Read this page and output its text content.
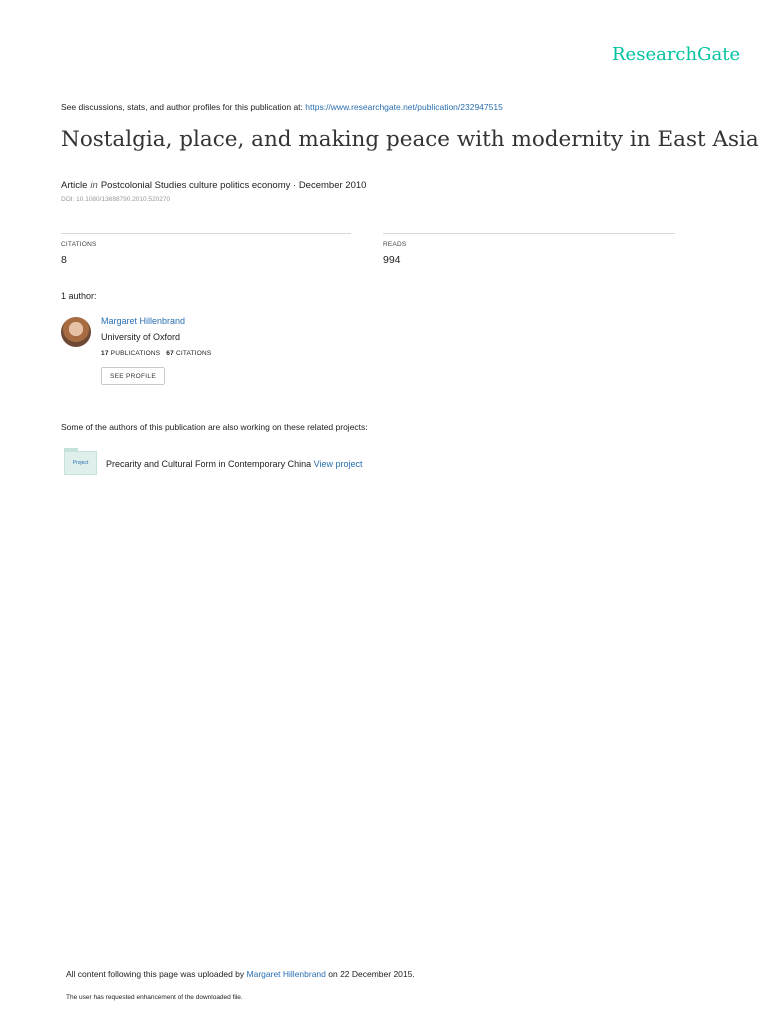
ResearchGate
See discussions, stats, and author profiles for this publication at: https://www.researchgate.net/publication/232947515
Nostalgia, place, and making peace with modernity in East Asia
Article in Postcolonial Studies culture politics economy · December 2010
DOI: 10.1080/13688790.2010.520270
CITATIONS
8
READS
994
1 author:
Margaret Hillenbrand
University of Oxford
17 PUBLICATIONS 67 CITATIONS
SEE PROFILE
Some of the authors of this publication are also working on these related projects:
Project	Precarity and Cultural Form in Contemporary China View project
All content following this page was uploaded by Margaret Hillenbrand on 22 December 2015.
The user has requested enhancement of the downloaded file.
